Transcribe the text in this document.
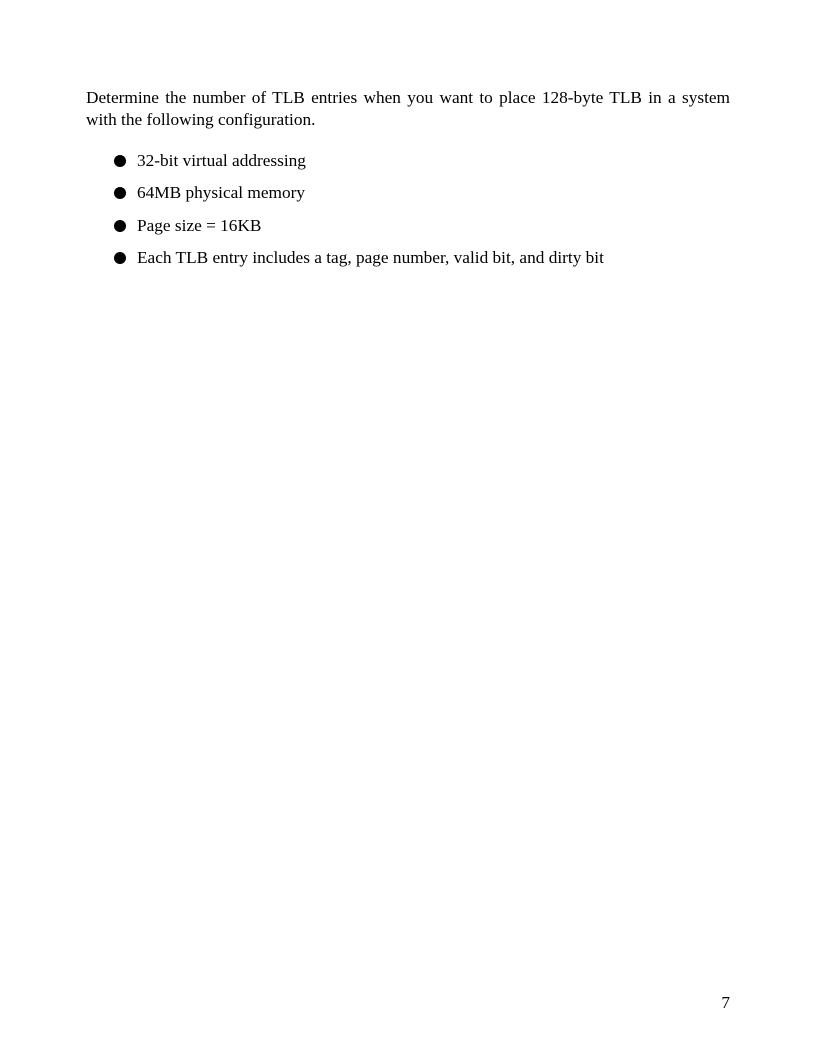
Determine the number of TLB entries when you want to place 128-byte TLB in a system with the following configuration.

32-bit virtual addressing
64MB physical memory
Page size = 16KB
Each TLB entry includes a tag, page number, valid bit, and dirty bit
7
